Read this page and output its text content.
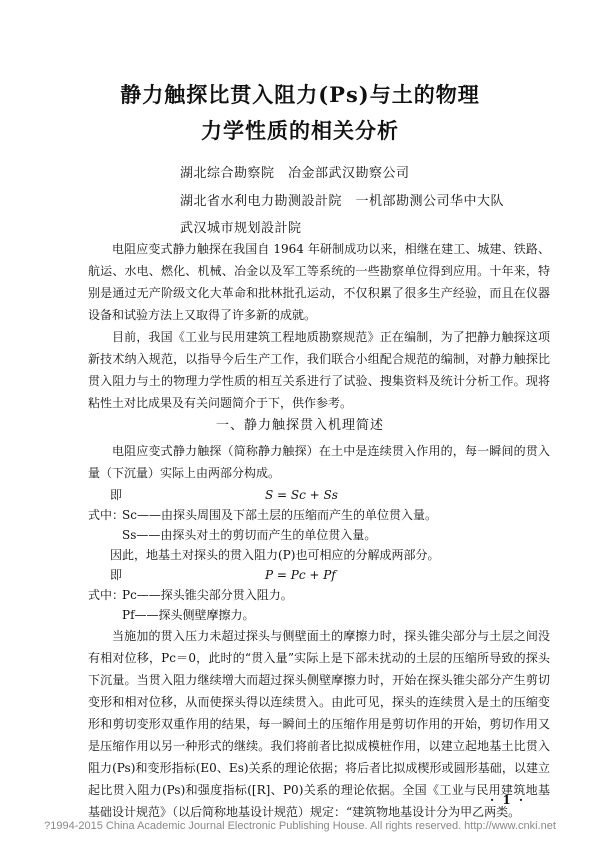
静力触探比贯入阻力(Ps)与土的物理
力学性质的相关分析
湖北综合勘察院　冶金部武汉勘察公司
湖北省水利电力勘测設計院　一机部勘测公司华中大队
武汉城市规划設計院

电阻应变式静力触探在我国自 1964 年研制成功以来，相继在建工、城建、铁路、航运、水电、燃化、机械、冶金以及军工等系统的一些勘察单位得到应用。十年来，特别是通过无产阶级文化大革命和批林批孔运动，不仅积累了很多生产经验，而且在仪器设备和试验方法上又取得了许多新的成就。

目前，我国《工业与民用建筑工程地质勘察规范》正在编制，为了把静力触探这项新技术纳入规范，以指导今后生产工作，我们联合小组配合规范的编制，对静力触探比贯入阻力与土的物理力学性质的相互关系进行了试验、搜集资料及统计分析工作。现将粘性土对比成果及有关问题简介于下，供作参考。

一、静力触探贯入机理简述

电阻应变式静力触探（简称静力触探）在土中是连续贯入作用的，每一瞬间的贯入量（下沉量）实际上由两部分构成。

即	S = Sc + Ss
式中：
Sc——由探头周围及下部土层的压缩而产生的单位贯入量。
Ss——由探头对土的剪切而产生的单位贯入量。
因此，地基土对探头的贯入阻力(P)也可相应的分解成两部分。
即	P = Pc + Pf
式中：
Pc——探头锥尖部分贯入阻力。
Pf——探头侧壁摩擦力。

当施加的贯入压力未超过探头与侧壁面土的摩擦力时，探头锥尖部分与土层之间没有相对位移，Pc＝0，此时的“贯入量”实际上是下部未扰动的土层的压缩所导致的探头下沉量。当贯入阻力继续增大而超过探头侧壁摩擦力时，开始在探头锥尖部分产生剪切变形和相对位移，从而使探头得以连续贯入。由此可见，探头的连续贯入是土的压缩变形和剪切变形双重作用的结果，每一瞬间土的压缩作用是剪切作用的开始，剪切作用又是压缩作用以另一种形式的继续。我们将前者比拟成模桩作用，以建立起地基土比贯入阻力(Ps)和变形指标(E0、Es)关系的理论依据；将后者比拟成楔形或圆形基础，以建立起比贯入阻力(Ps)和强度指标([R]、P0)关系的理论依据。全国《工业与民用建筑地基基础设计规范》（以后简称地基设计规范）规定：“建筑物地基设计分为甲乙两类。

· 1 ·
?1994-2015 China Academic Journal Electronic Publishing House. All rights reserved. http://www.cnki.net
